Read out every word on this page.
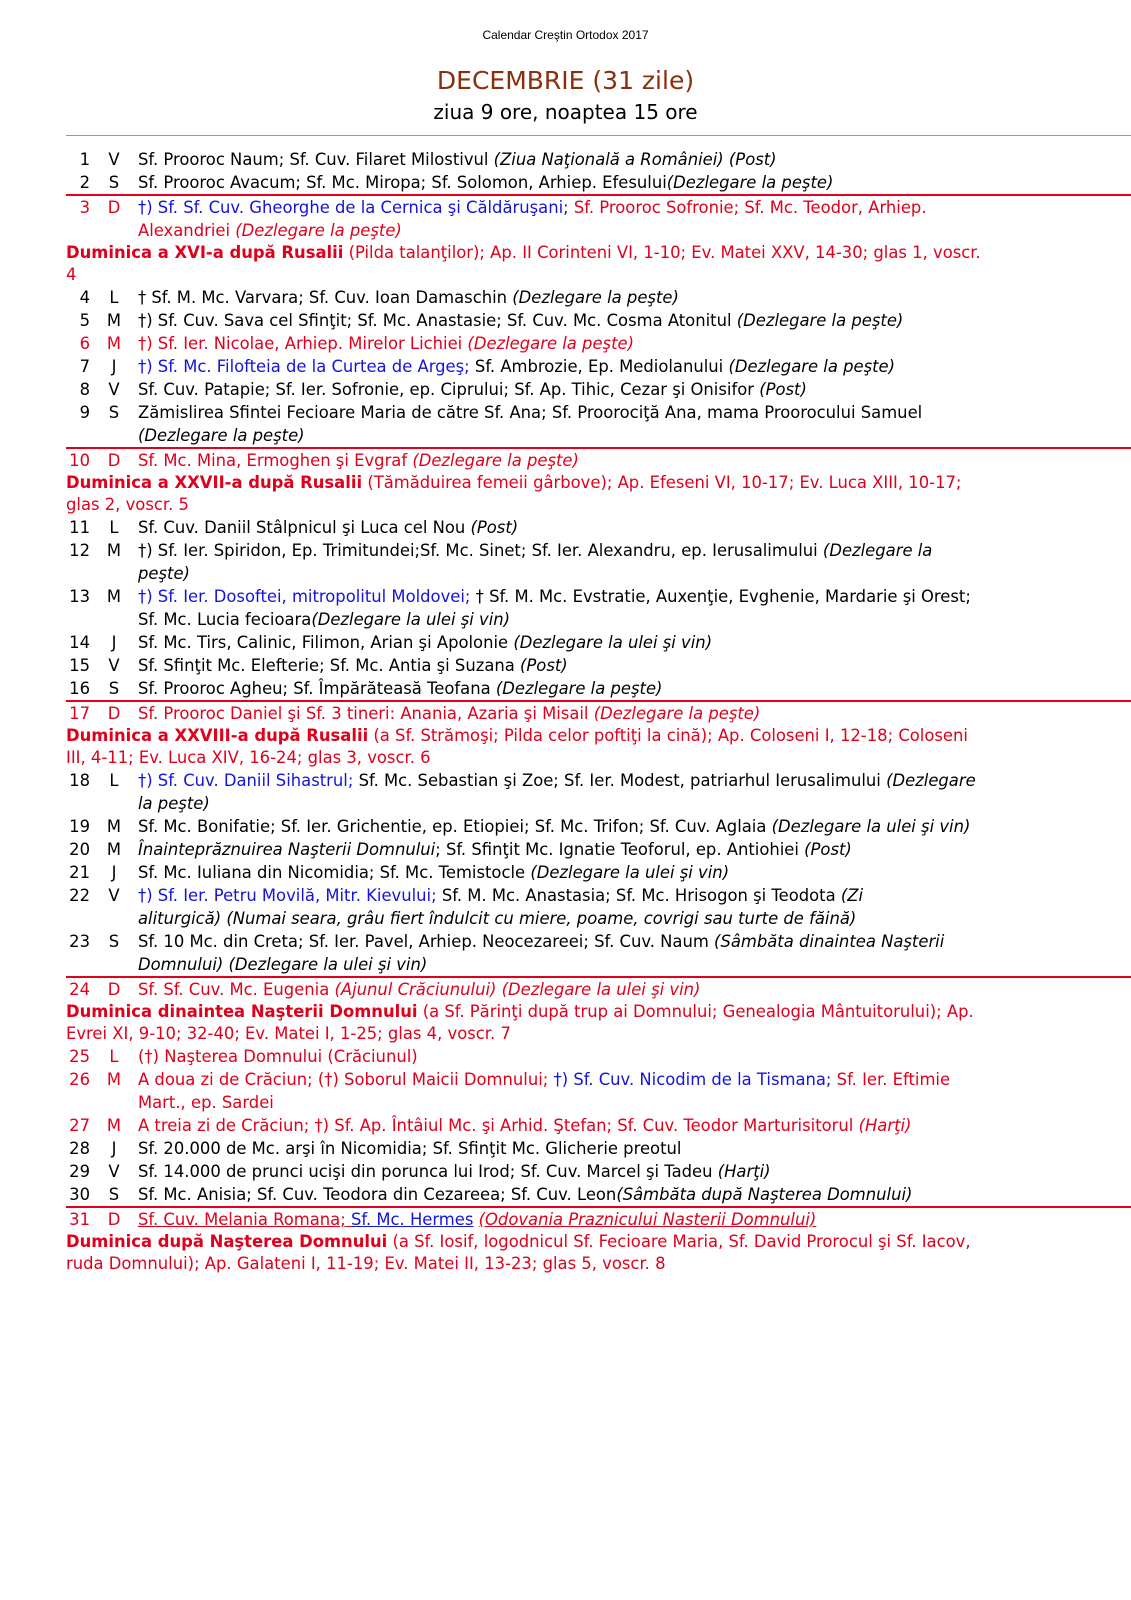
Calendar Creştin Ortodox 2017
DECEMBRIE (31 zile)
ziua 9 ore, noaptea 15 ore
1 V Sf. Prooroc Naum; Sf. Cuv. Filaret Milostivul (Ziua Naţională a României) (Post)
2 S Sf. Prooroc Avacum; Sf. Mc. Miropa; Sf. Solomon, Arhiep. Efesului(Dezlegare la peşte)
3 D †) Sf. Sf. Cuv. Gheorghe de la Cernica şi Căldăruşani; Sf. Prooroc Sofronie; Sf. Mc. Teodor, Arhiep.
Alexandriei (Dezlegare la peşte)
Duminica a XVI-a după Rusalii (Pilda talanţilor); Ap. II Corinteni VI, 1-10; Ev. Matei XXV, 14-30; glas 1, voscr.
4
4 L † Sf. M. Mc. Varvara; Sf. Cuv. Ioan Damaschin (Dezlegare la peşte)
5 M †) Sf. Cuv. Sava cel Sfinţit; Sf. Mc. Anastasie; Sf. Cuv. Mc. Cosma Atonitul (Dezlegare la peşte)
6 M †) Sf. Ier. Nicolae, Arhiep. Mirelor Lichiei (Dezlegare la peşte)
7 J †) Sf. Mc. Filofteia de la Curtea de Argeş; Sf. Ambrozie, Ep. Mediolanului (Dezlegare la peşte)
8 V Sf. Cuv. Patapie; Sf. Ier. Sofronie, ep. Ciprului; Sf. Ap. Tihic, Cezar şi Onisifor (Post)
9 S Zămislirea Sfintei Fecioare Maria de către Sf. Ana; Sf. Proorociţă Ana, mama Proorocului Samuel
(Dezlegare la peşte)
10 D Sf. Mc. Mina, Ermoghen şi Evgraf (Dezlegare la peşte)
Duminica a XXVII-a după Rusalii (Tămăduirea femeii gârbove); Ap. Efeseni VI, 10-17; Ev. Luca XIII, 10-17;
glas 2, voscr. 5
11 L Sf. Cuv. Daniil Stâlpnicul şi Luca cel Nou (Post)
12 M †) Sf. Ier. Spiridon, Ep. Trimitundei;Sf. Mc. Sinet; Sf. Ier. Alexandru, ep. Ierusalimului (Dezlegare la
peşte)
13 M †) Sf. Ier. Dosoftei, mitropolitul Moldovei; † Sf. M. Mc. Evstratie, Auxenţie, Evghenie, Mardarie şi Orest;
Sf. Mc. Lucia fecioara(Dezlegare la ulei şi vin)
14 J Sf. Mc. Tirs, Calinic, Filimon, Arian şi Apolonie (Dezlegare la ulei şi vin)
15 V Sf. Sfinţit Mc. Elefterie; Sf. Mc. Antia şi Suzana (Post)
16 S Sf. Prooroc Agheu; Sf. Împărăteasă Teofana (Dezlegare la peşte)
17 D Sf. Prooroc Daniel şi Sf. 3 tineri: Anania, Azaria şi Misail (Dezlegare la peşte)
Duminica a XXVIII-a după Rusalii (a Sf. Strămoşi; Pilda celor poftiţi la cină); Ap. Coloseni I, 12-18; Coloseni
III, 4-11; Ev. Luca XIV, 16-24; glas 3, voscr. 6
18 L †) Sf. Cuv. Daniil Sihastrul; Sf. Mc. Sebastian şi Zoe; Sf. Ier. Modest, patriarhul Ierusalimului (Dezlegare
la peşte)
19 M Sf. Mc. Bonifatie; Sf. Ier. Grichentie, ep. Etiopiei; Sf. Mc. Trifon; Sf. Cuv. Aglaia (Dezlegare la ulei şi vin)
20 M Înainteprăznuirea Naşterii Domnului; Sf. Sfinţit Mc. Ignatie Teoforul, ep. Antiohiei (Post)
21 J Sf. Mc. Iuliana din Nicomidia; Sf. Mc. Temistocle (Dezlegare la ulei şi vin)
22 V †) Sf. Ier. Petru Movilă, Mitr. Kievului; Sf. M. Mc. Anastasia; Sf. Mc. Hrisogon şi Teodota (Zi
aliturgică) (Numai seara, grâu fiert îndulcit cu miere, poame, covrigi sau turte de făină)
23 S Sf. 10 Mc. din Creta; Sf. Ier. Pavel, Arhiep. Neocezareei; Sf. Cuv. Naum (Sâmbăta dinaintea Naşterii
Domnului) (Dezlegare la ulei şi vin)
24 D Sf. Sf. Cuv. Mc. Eugenia (Ajunul Crăciunului) (Dezlegare la ulei şi vin)
Duminica dinaintea Naşterii Domnului (a Sf. Părinţi după trup ai Domnului; Genealogia Mântuitorului); Ap.
Evrei XI, 9-10; 32-40; Ev. Matei I, 1-25; glas 4, voscr. 7
25 L (†) Naşterea Domnului (Crăciunul)
26 M A doua zi de Crăciun; (†) Soborul Maicii Domnului; †) Sf. Cuv. Nicodim de la Tismana; Sf. Ier. Eftimie
Mart., ep. Sardei
27 M A treia zi de Crăciun; †) Sf. Ap. Întâiul Mc. şi Arhid. Ştefan; Sf. Cuv. Teodor Marturisitorul (Harţi)
28 J Sf. 20.000 de Mc. arşi în Nicomidia; Sf. Sfinţit Mc. Glicherie preotul
29 V Sf. 14.000 de prunci ucişi din porunca lui Irod; Sf. Cuv. Marcel şi Tadeu (Harţi)
30 S Sf. Mc. Anisia; Sf. Cuv. Teodora din Cezareea; Sf. Cuv. Leon(Sâmbăta după Naşterea Domnului)
31 D Sf. Cuv. Melania Romana; Sf. Mc. Hermes (Odovania Praznicului Nasterii Domnului)
Duminica după Naşterea Domnului (a Sf. Iosif, logodnicul Sf. Fecioare Maria, Sf. David Prorocul şi Sf. Iacov,
ruda Domnului); Ap. Galateni I, 11-19; Ev. Matei II, 13-23; glas 5, voscr. 8
